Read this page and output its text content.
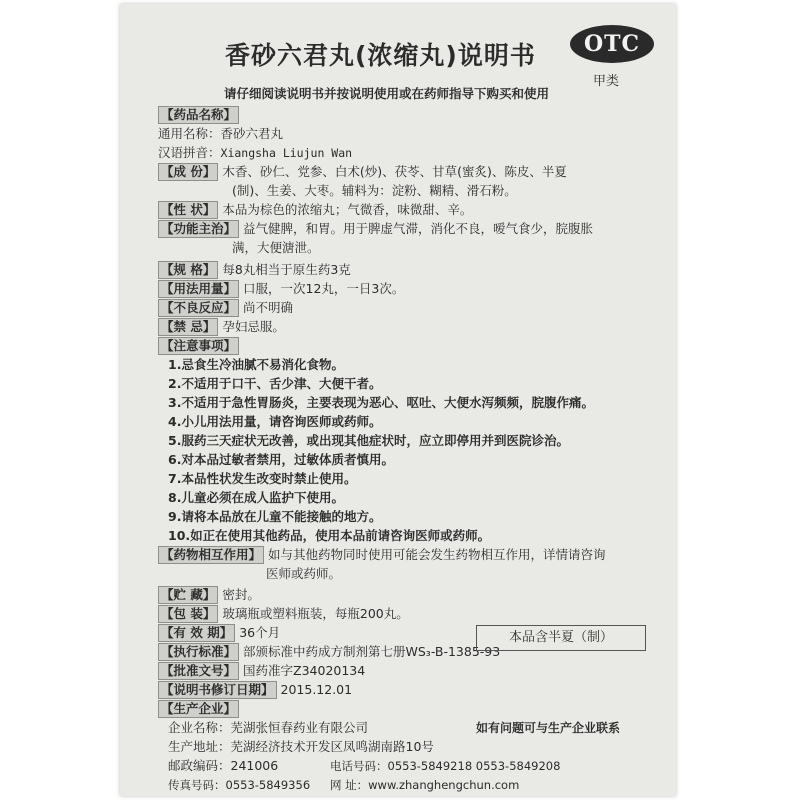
香砂六君丸(浓缩丸)说明书	OTC
甲类
请仔细阅读说明书并按说明使用或在药师指导下购买和使用
【药品名称】
通用名称：香砂六君丸
汉语拼音：Xiangsha Liujun Wan
【成 份】 木香、砂仁、党参、白术(炒)、茯苓、甘草(蜜炙)、陈皮、半夏
(制)、生姜、大枣。辅料为：淀粉、糊精、滑石粉。
【性 状】 本品为棕色的浓缩丸；气微香，味微甜、辛。
【功能主治】 益气健脾，和胃。用于脾虚气滞，消化不良，嗳气食少，脘腹胀
满，大便溏泄。
【规 格】 每8丸相当于原生药3克
【用法用量】 口服，一次12丸，一日3次。
【不良反应】 尚不明确
【禁 忌】 孕妇忌服。
【注意事项】
1.忌食生冷油腻不易消化食物。
2.不适用于口干、舌少津、大便干者。
3.不适用于急性胃肠炎，主要表现为恶心、呕吐、大便水泻频频，脘腹作痛。
4.小儿用法用量，请咨询医师或药师。
5.服药三天症状无改善，或出现其他症状时，应立即停用并到医院诊治。
6.对本品过敏者禁用，过敏体质者慎用。
7.本品性状发生改变时禁止使用。
8.儿童必须在成人监护下使用。
9.请将本品放在儿童不能接触的地方。
10.如正在使用其他药品，使用本品前请咨询医师或药师。
【药物相互作用】 如与其他药物同时使用可能会发生药物相互作用，详情请咨询
医师或药师。
【贮 藏】 密封。
【包 装】 玻璃瓶或塑料瓶装，每瓶200丸。
【有 效 期】 36个月
【执行标准】 部颁标准中药成方制剂第七册WS₃-B-1385-93
【批准文号】 国药准字Z34020134
【说明书修订日期】 2015.12.01
【生产企业】
企业名称：芜湖张恒春药业有限公司
生产地址：芜湖经济技术开发区凤鸣湖南路10号
邮政编码：241006
本品含半夏（制）
电话号码：0553-5849218 0553-5849208
传真号码：0553-5849356 网 址：www.zhanghengchun.com
如有问题可与生产企业联系
